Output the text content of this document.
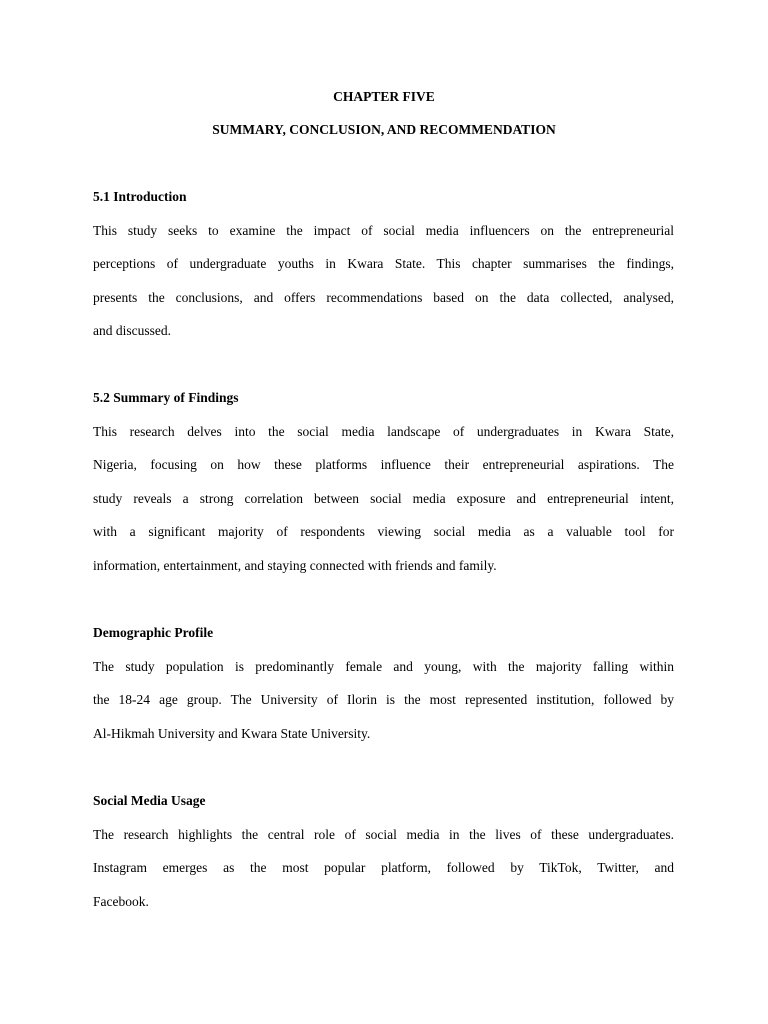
CHAPTER FIVE
SUMMARY, CONCLUSION, AND RECOMMENDATION
5.1 Introduction
This study seeks to examine the impact of social media influencers on the entrepreneurial
perceptions of undergraduate youths in Kwara State. This chapter summarises the findings,
presents the conclusions, and offers recommendations based on the data collected, analysed,
and discussed.
5.2 Summary of Findings
This research delves into the social media landscape of undergraduates in Kwara State,
Nigeria, focusing on how these platforms influence their entrepreneurial aspirations. The
study reveals a strong correlation between social media exposure and entrepreneurial intent,
with a significant majority of respondents viewing social media as a valuable tool for
information, entertainment, and staying connected with friends and family.
Demographic Profile
The study population is predominantly female and young, with the majority falling within
the 18-24 age group. The University of Ilorin is the most represented institution, followed by
Al-Hikmah University and Kwara State University.
Social Media Usage
The research highlights the central role of social media in the lives of these undergraduates.
Instagram emerges as the most popular platform, followed by TikTok, Twitter, and
Facebook.
